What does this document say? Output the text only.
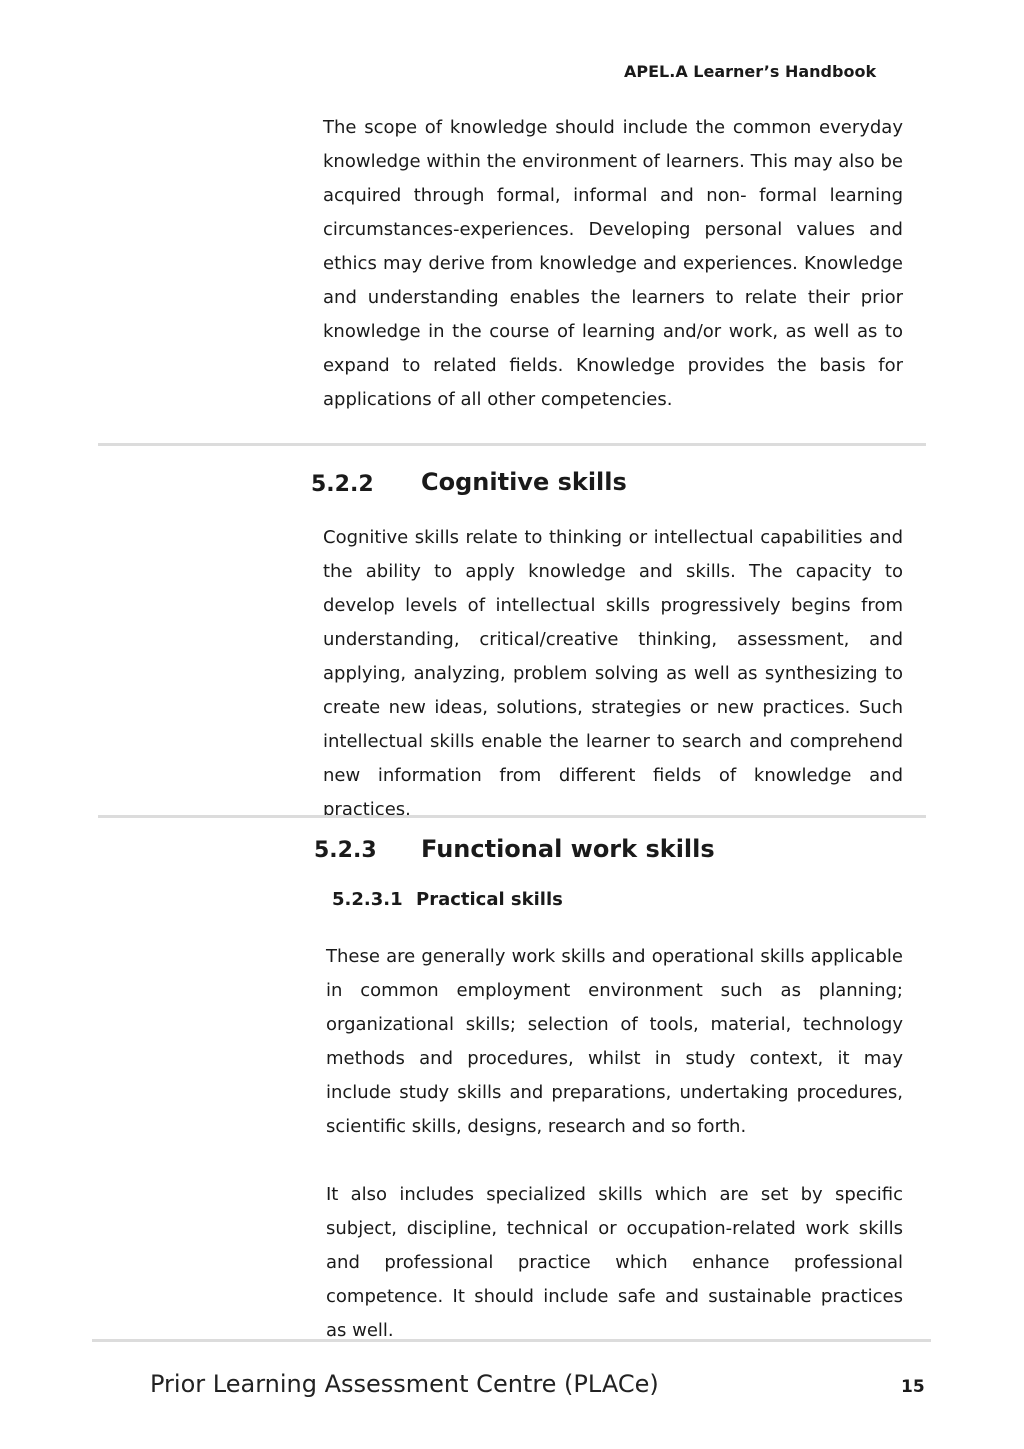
APEL.A Learner’s Handbook

The scope of knowledge should include the common everyday knowledge within the environment of learners. This may also be acquired through formal, informal and non- formal learning circumstances-experiences. Developing personal values and ethics may derive from knowledge and experiences. Knowledge and understanding enables the learners to relate their prior knowledge in the course of learning and/or work, as well as to expand to related fields. Knowledge provides the basis for applications of all other competencies.

5.2.2 Cognitive skills

Cognitive skills relate to thinking or intellectual capabilities and the ability to apply knowledge and skills. The capacity to develop levels of intellectual skills progressively begins from understanding, critical/creative thinking, assessment, and applying, analyzing, problem solving as well as synthesizing to create new ideas, solutions, strategies or new practices. Such intellectual skills enable the learner to search and comprehend new information from different fields of knowledge and practices.

5.2.3 Functional work skills
5.2.3.1 Practical skills

These are generally work skills and operational skills applicable in common employment environment such as planning; organizational skills; selection of tools, material, technology methods and procedures, whilst in study context, it may include study skills and preparations, undertaking procedures, scientific skills, designs, research and so forth.

It also includes specialized skills which are set by specific subject, discipline, technical or occupation-related work skills and professional practice which enhance professional competence. It should include safe and sustainable practices as well.

Prior Learning Assessment Centre (PLACe)	15
